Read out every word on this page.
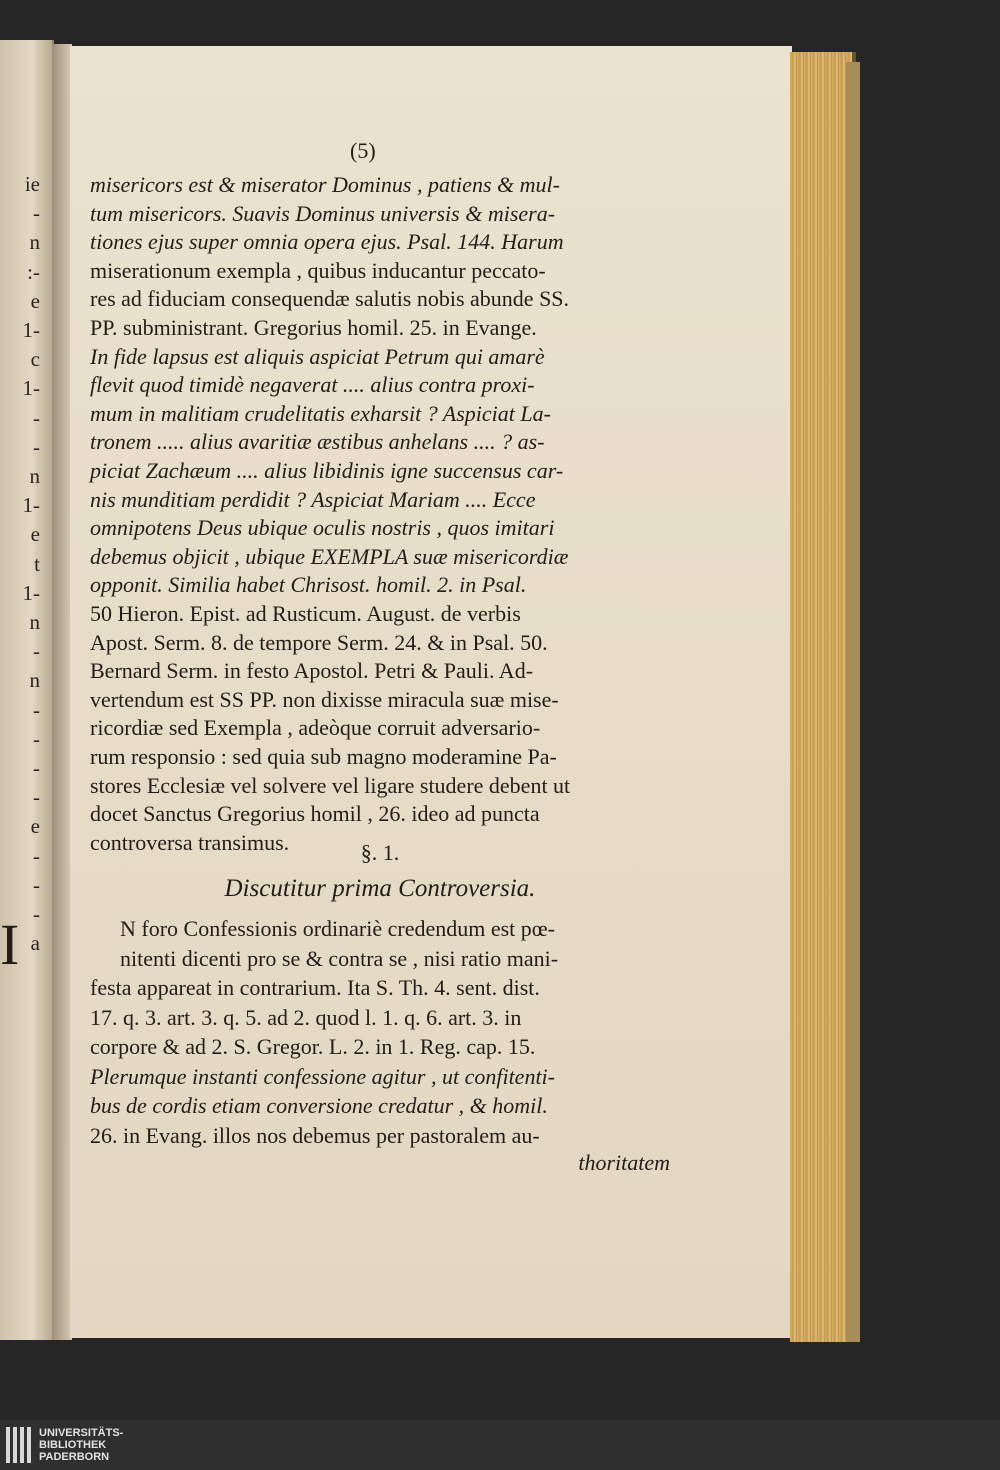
ie
-
n
:-
e
1-
c
1-
-
-
n
1-
e
t
1-
n
-
n
-
-
-
-
e
-
-
-
a
(5)
§. 1.
Discutitur prima Controversia.
misericors est & miserator Dominus , patiens & mul-
tum misericors. Suavis Dominus universis & misera-
tiones ejus super omnia opera ejus. Psal. 144. Harum
miserationum exempla , quibus inducantur peccato-
res ad fiduciam consequendæ salutis nobis abunde SS.
PP. subministrant. Gregorius homil. 25. in Evange.
In fide lapsus est aliquis aspiciat Petrum qui amarè
flevit quod timidè negaverat .... alius contra proxi-
mum in malitiam crudelitatis exharsit ? Aspiciat La-
tronem ..... alius avaritiæ æstibus anhelans .... ? as-
piciat Zachæum .... alius libidinis igne succensus car-
nis munditiam perdidit ? Aspiciat Mariam .... Ecce
omnipotens Deus ubique oculis nostris , quos imitari
debemus objicit , ubique EXEMPLA suæ misericordiæ
opponit. Similia habet Chrisost. homil. 2. in Psal.
50 Hieron. Epist. ad Rusticum. August. de verbis
Apost. Serm. 8. de tempore Serm. 24. & in Psal. 50.
Bernard Serm. in festo Apostol. Petri & Pauli. Ad-
vertendum est SS PP. non dixisse miracula suæ mise-
ricordiæ sed Exempla , adeòque corruit adversario-
rum responsio : sed quia sub magno moderamine Pa-
stores Ecclesiæ vel solvere vel ligare studere debent ut
docet Sanctus Gregorius homil , 26. ideo ad puncta
controversa transimus.
N foro Confessionis ordinariè credendum est pœ-
nitenti dicenti pro se & contra se , nisi ratio mani-
festa appareat in contrarium. Ita S. Th. 4. sent. dist.
17. q. 3. art. 3. q. 5. ad 2. quod l. 1. q. 6. art. 3. in
corpore & ad 2. S. Gregor. L. 2. in 1. Reg. cap. 15.
Plerumque instanti confessione agitur , ut confitenti-
bus de cordis etiam conversione credatur , & homil.
26. in Evang. illos nos debemus per pastoralem au-
thoritatem
I
UNIVERSITÄTS-
BIBLIOTHEK
PADERBORN
